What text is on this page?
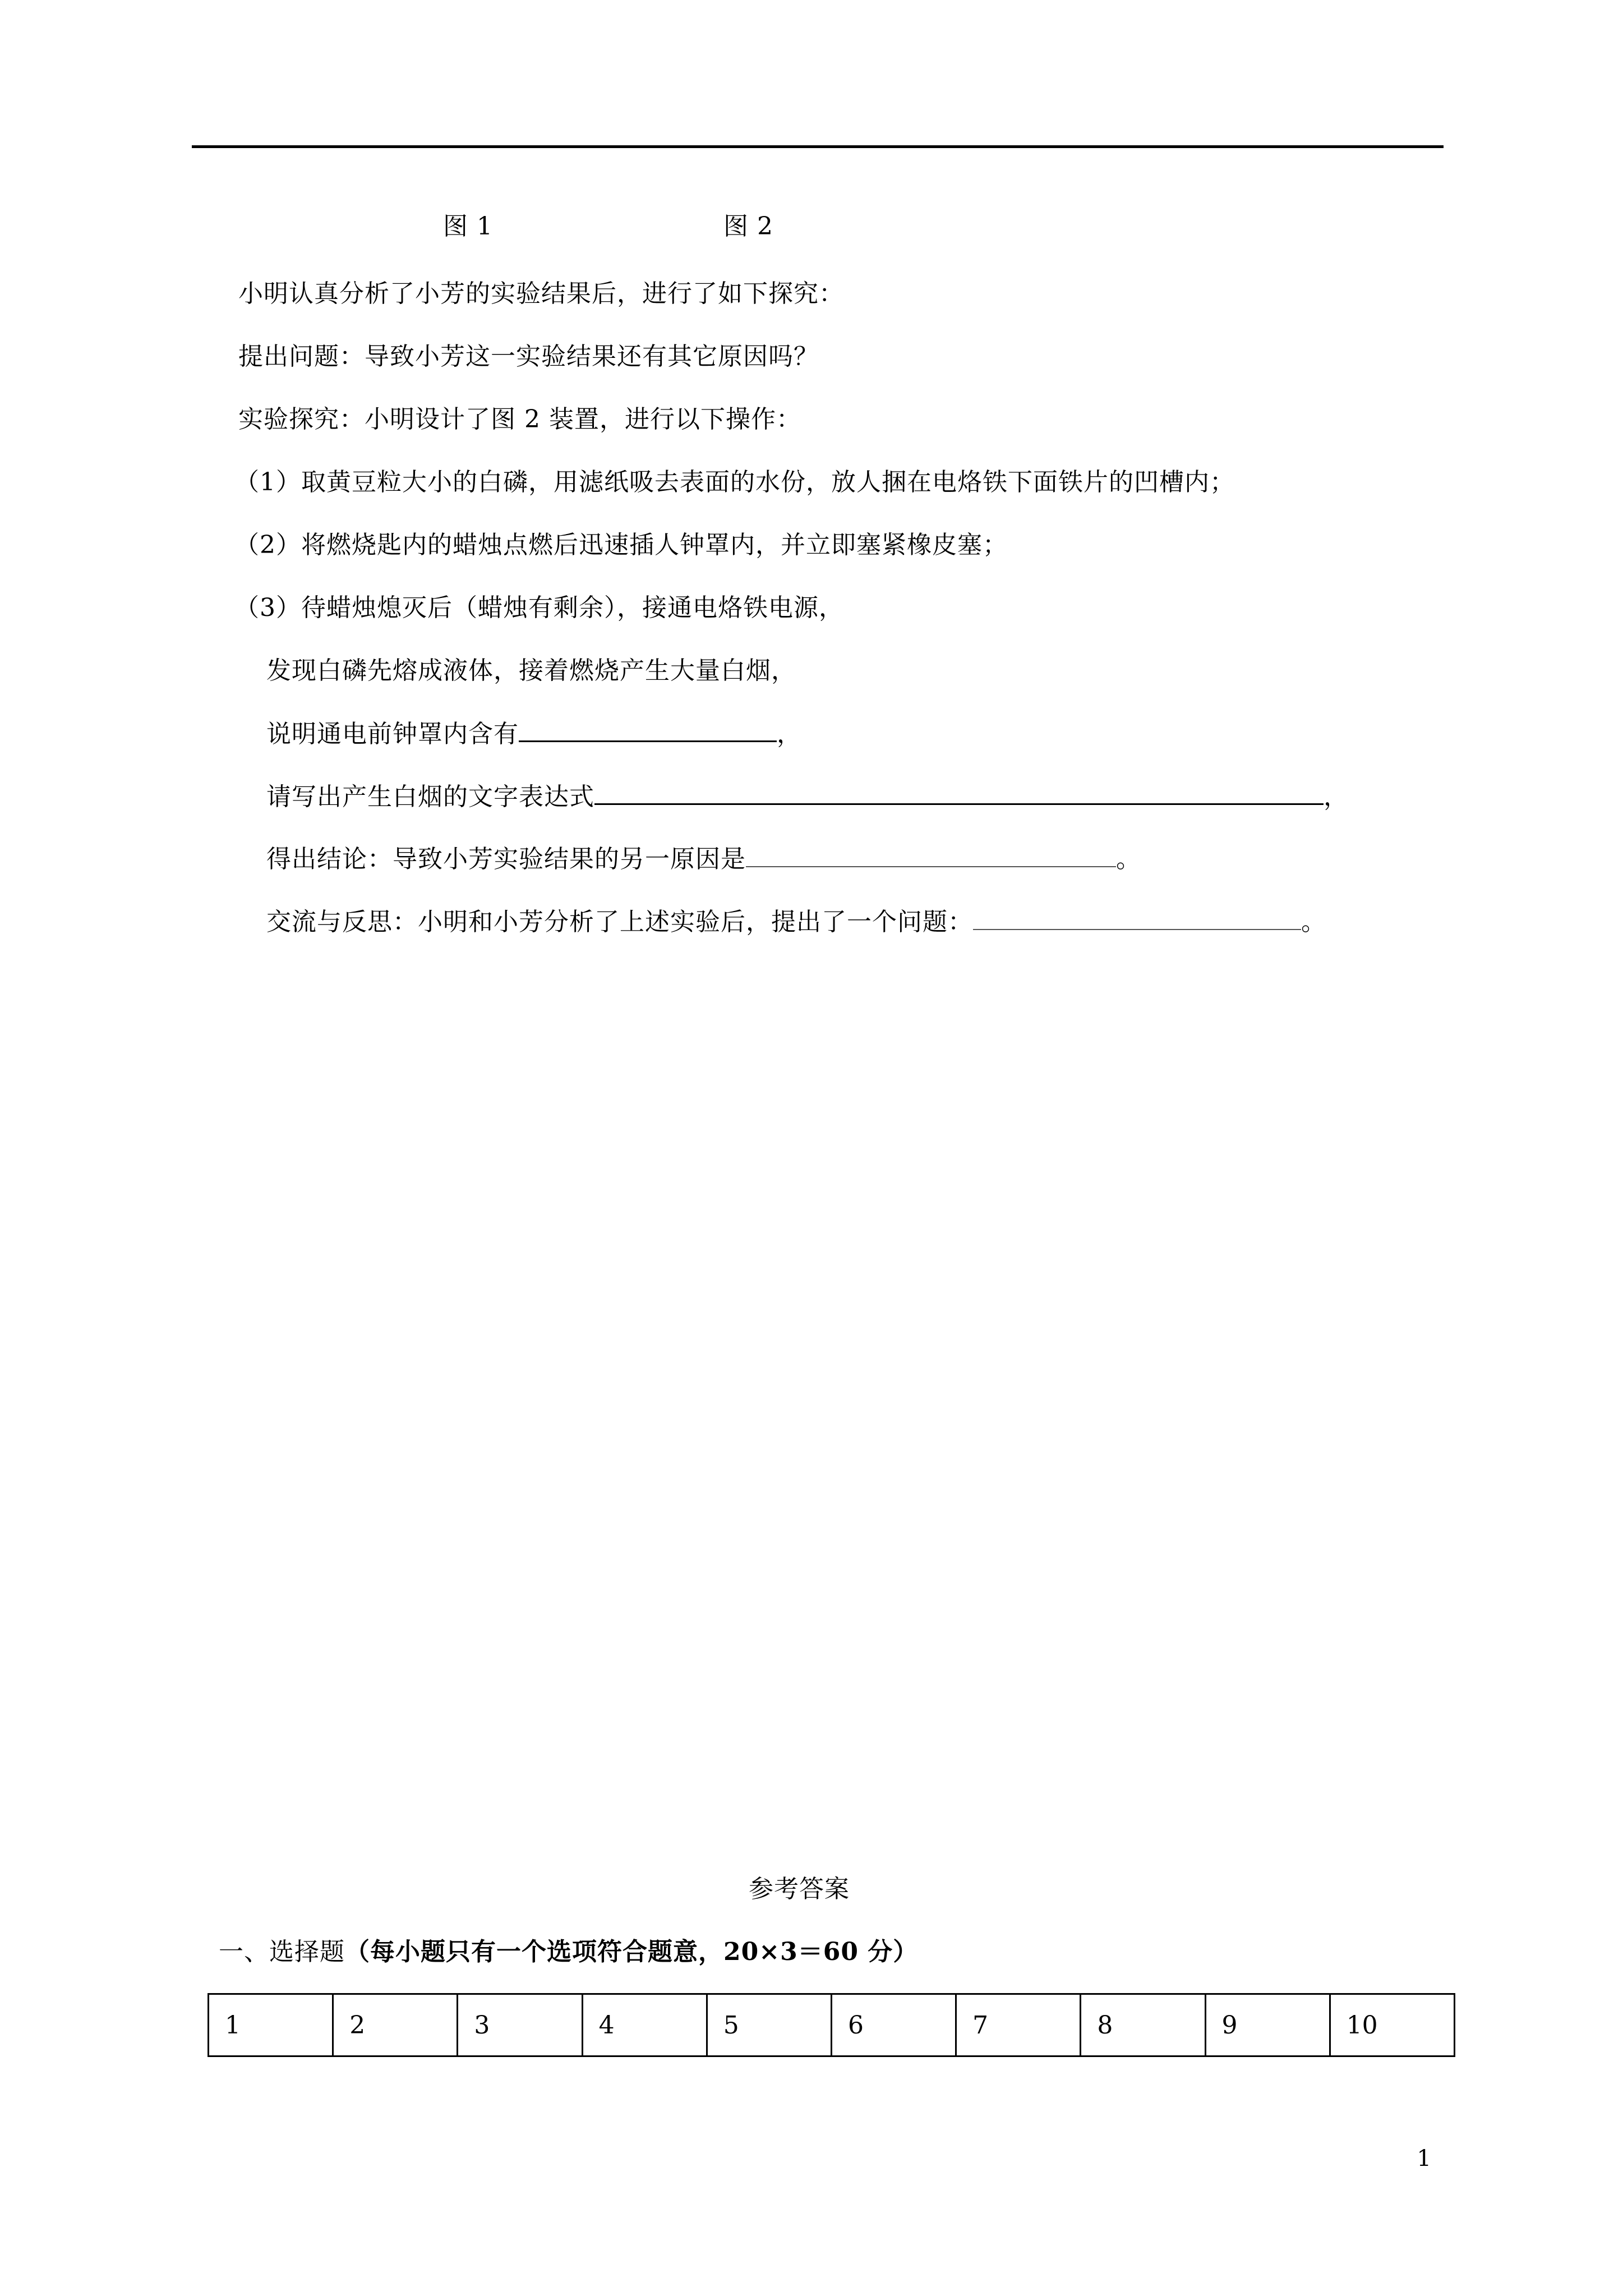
图 1	图 2
小明认真分析了小芳的实验结果后，进行了如下探究：
提出问题：导致小芳这一实验结果还有其它原因吗？
实验探究：小明设计了图 2 装置，进行以下操作：
（1）取黄豆粒大小的白磷，用滤纸吸去表面的水份，放人捆在电烙铁下面铁片的凹槽内；
（2）将燃烧匙内的蜡烛点燃后迅速插人钟罩内，并立即塞紧橡皮塞；
（3）待蜡烛熄灭后（蜡烛有剩余），接通电烙铁电源，
发现白磷先熔成液体，接着燃烧产生大量白烟，
说明通电前钟罩内含有	，
请写出产生白烟的文字表达式	，
得出结论：导致小芳实验结果的另一原因是	。
交流与反思：小明和小芳分析了上述实验后，提出了一个问题：	。
参考答案
一、选择题（每小题只有一个选项符合题意，20×3＝60 分）
1	2	3	4	5	6	7	8	9	10
1
